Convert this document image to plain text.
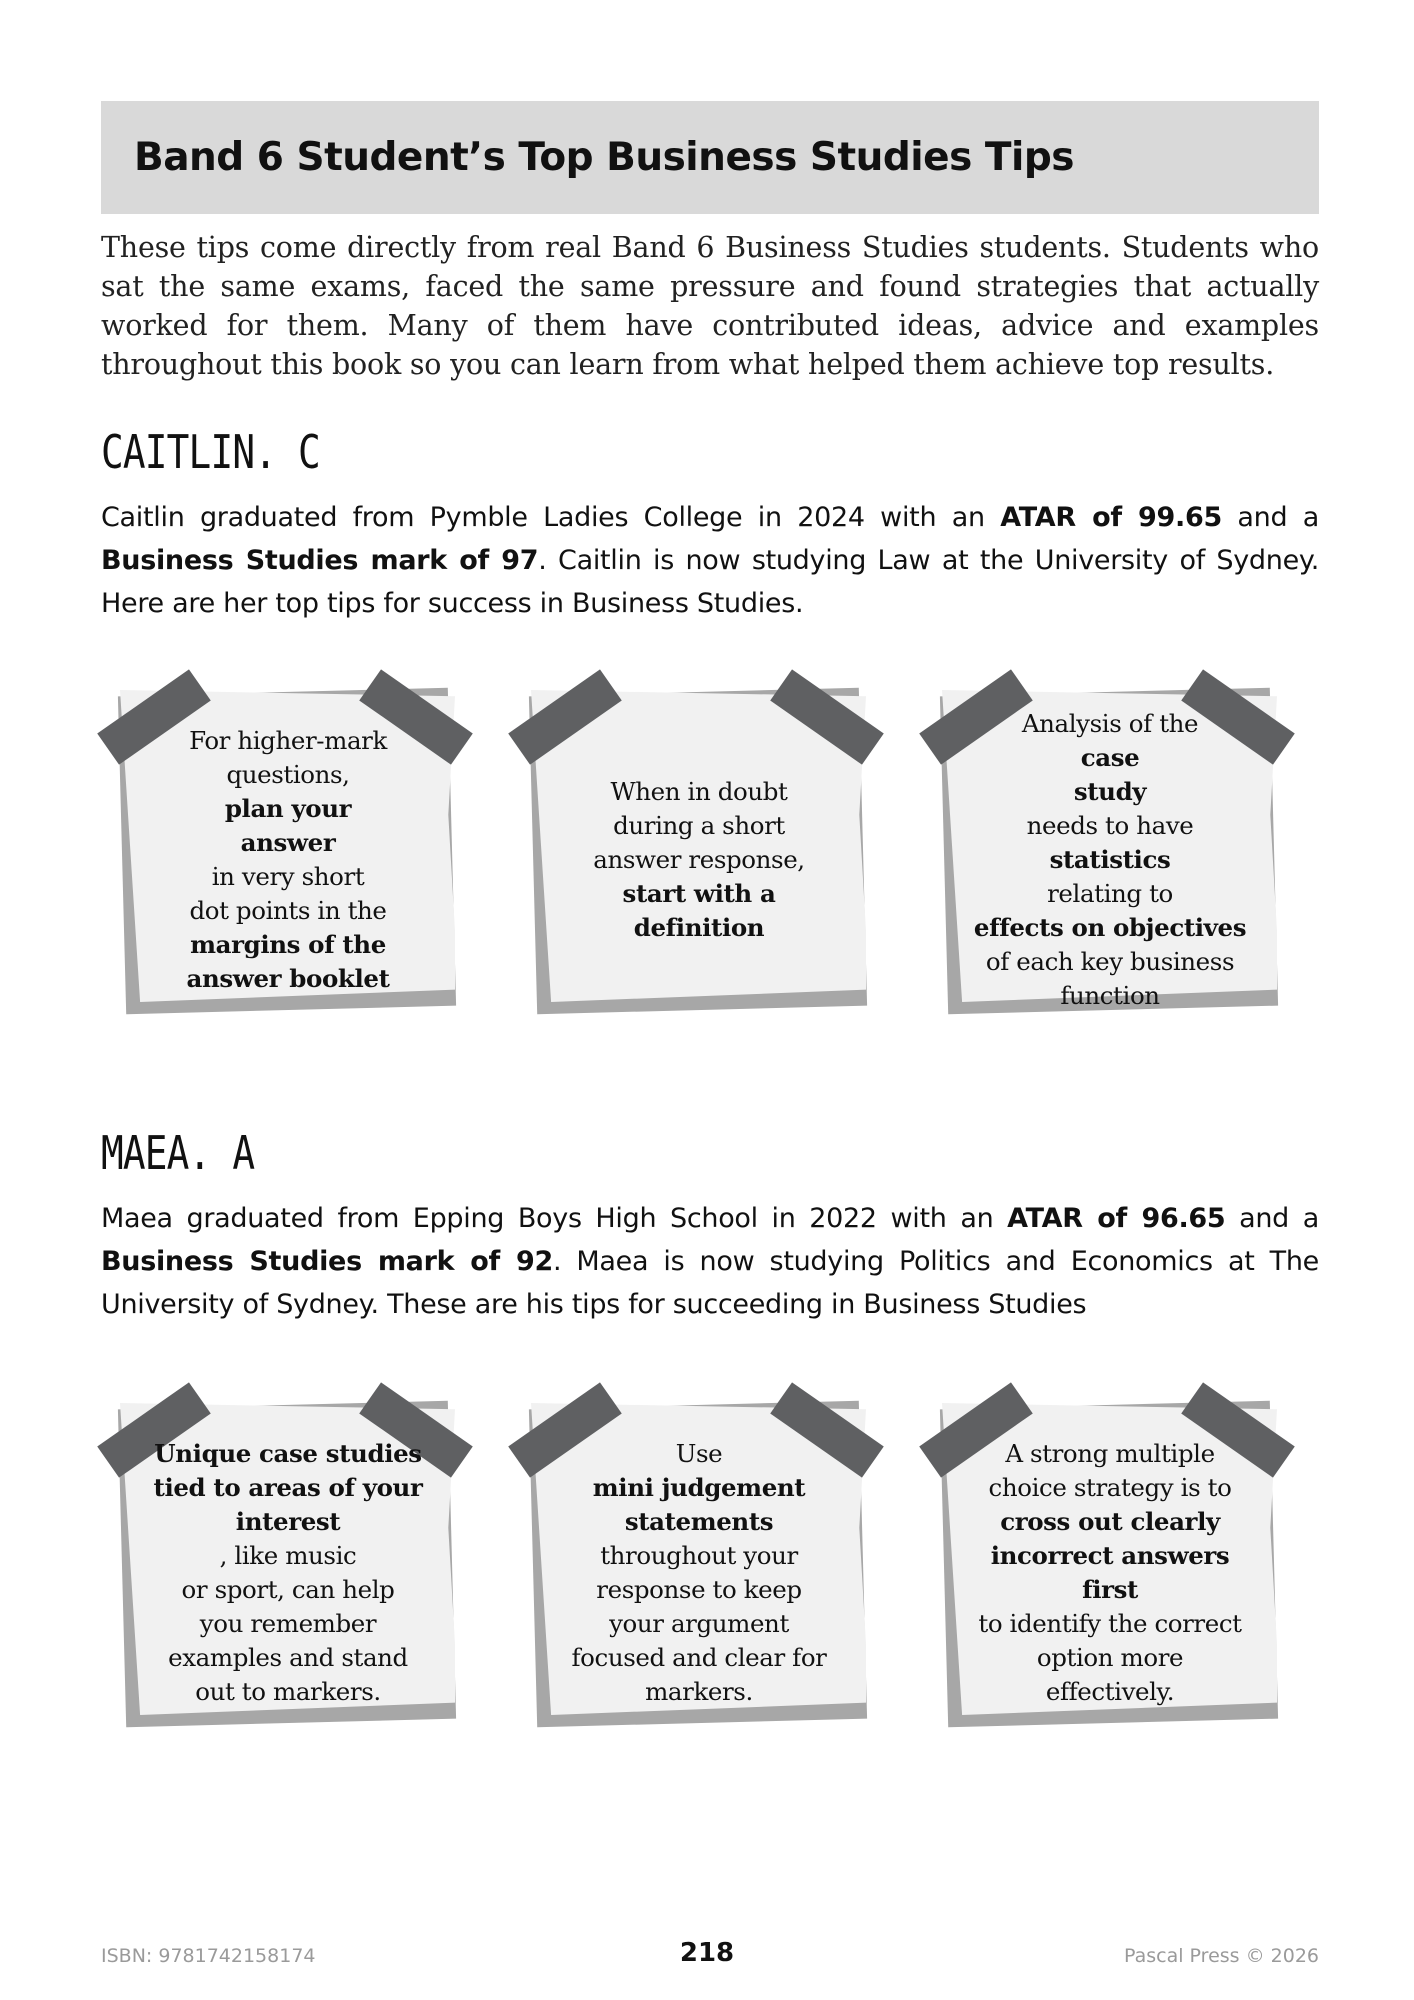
Band 6 Student’s Top Business Studies Tips

These tips come directly from real Band 6 Business Studies students. Students who sat the same exams, faced the same pressure and found strategies that actually worked for them. Many of them have contributed ideas, advice and examples throughout this book so you can learn from what helped them achieve top results.

CAITLIN. C

Caitlin graduated from Pymble Ladies College in 2024 with an ATAR of 99.65 and a Business Studies mark of 97. Caitlin is now studying Law at the University of Sydney. Here are her top tips for success in Business Studies.

For higher-mark
questions,
plan your
answer
in very short
dot points in the
margins of the
answer booklet
When in doubt
during a short
answer response,
start with a
definition
Analysis of the
case
study
needs to have
statistics
relating to
effects on objectives
of each key business
function
MAEA. A

Maea graduated from Epping Boys High School in 2022 with an ATAR of 96.65 and a Business Studies mark of 92. Maea is now studying Politics and Economics at The University of Sydney. These are his tips for succeeding in Business Studies

Unique case studies
tied to areas of your
interest
, like music
or sport, can help
you remember
examples and stand
out to markers.
Use
mini judgement
statements
throughout your
response to keep
your argument
focused and clear for
markers.
A strong multiple
choice strategy is to
cross out clearly
incorrect answers first
to identify the correct
option more
effectively.
ISBN: 9781742158174	218	Pascal Press © 2026
